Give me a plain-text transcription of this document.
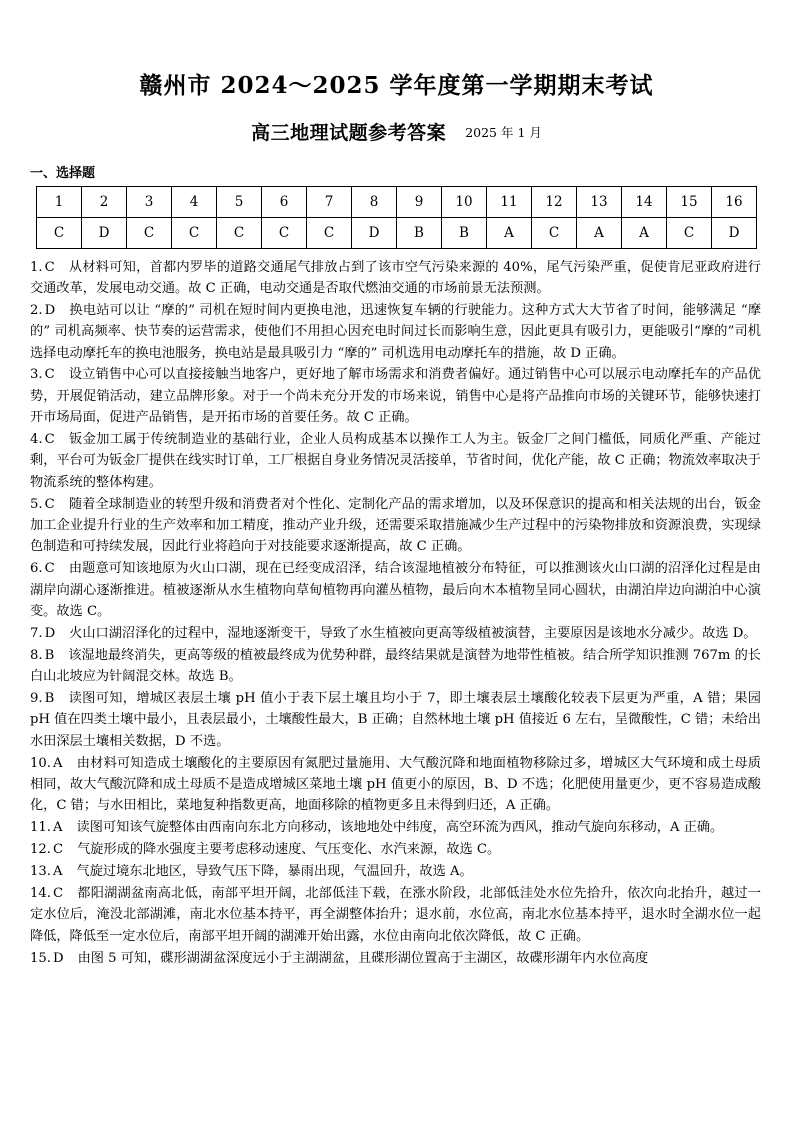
赣州市 2024～2025 学年度第一学期期末考试
高三地理试题参考答案 2025 年 1 月
一、选择题
1	2	3	4	5	6	7	8	9	10	11	12	13	14	15	16
C	D	C	C	C	C	C	D	B	B	A	C	A	A	C	D

1. C 从材料可知，首都内罗毕的道路交通尾气排放占到了该市空气污染来源的 40%，尾气污染严重，促使肯尼亚政府进行交通改革，发展电动交通。故 C 正确，电动交通是否取代燃油交通的市场前景无法预测。

2. D 换电站可以让 “摩的” 司机在短时间内更换电池，迅速恢复车辆的行驶能力。这种方式大大节省了时间，能够满足 “摩的” 司机高频率、快节奏的运营需求，使他们不用担心因充电时间过长而影响生意，因此更具有吸引力，更能吸引“摩的”司机选择电动摩托车的换电池服务，换电站是最具吸引力 “摩的” 司机选用电动摩托车的措施，故 D 正确。

3. C 设立销售中心可以直接接触当地客户，更好地了解市场需求和消费者偏好。通过销售中心可以展示电动摩托车的产品优势，开展促销活动，建立品牌形象。对于一个尚未充分开发的市场来说，销售中心是将产品推向市场的关键环节，能够快速打开市场局面，促进产品销售，是开拓市场的首要任务。故 C 正确。

4. C 钣金加工属于传统制造业的基础行业，企业人员构成基本以操作工人为主。钣金厂之间门槛低，同质化严重、产能过剩，平台可为钣金厂提供在线实时订单，工厂根据自身业务情况灵活接单，节省时间，优化产能，故 C 正确；物流效率取决于物流系统的整体构建。

5. C 随着全球制造业的转型升级和消费者对个性化、定制化产品的需求增加，以及环保意识的提高和相关法规的出台，钣金加工企业提升行业的生产效率和加工精度，推动产业升级，还需要采取措施减少生产过程中的污染物排放和资源浪费，实现绿色制造和可持续发展，因此行业将趋向于对技能要求逐渐提高，故 C 正确。

6. C 由题意可知该地原为火山口湖，现在已经变成沼泽，结合该湿地植被分布特征，可以推测该火山口湖的沼泽化过程是由湖岸向湖心逐渐推进。植被逐渐从水生植物向草甸植物再向灌丛植物，最后向木本植物呈同心圆状，由湖泊岸边向湖泊中心演变。故选 C。

7. D 火山口湖沼泽化的过程中，湿地逐渐变干，导致了水生植被向更高等级植被演替，主要原因是该地水分减少。故选 D。

8. B 该湿地最终消失，更高等级的植被最终成为优势种群，最终结果就是演替为地带性植被。结合所学知识推测 767m 的长白山北坡应为针阔混交林。故选 B。

9. B 读图可知，增城区表层土壤 pH 值小于表下层土壤且均小于 7，即土壤表层土壤酸化较表下层更为严重，A 错；果园 pH 值在四类土壤中最小，且表层最小，土壤酸性最大，B 正确；自然林地土壤 pH 值接近 6 左右，呈微酸性，C 错；未给出水田深层土壤相关数据，D 不选。

10. A 由材料可知造成土壤酸化的主要原因有氮肥过量施用、大气酸沉降和地面植物移除过多，增城区大气环境和成土母质相同，故大气酸沉降和成土母质不是造成增城区菜地土壤 pH 值更小的原因，B、D 不选；化肥使用量更少，更不容易造成酸化，C 错；与水田相比，菜地复种指数更高，地面移除的植物更多且未得到归还，A 正确。

11. A 读图可知该气旋整体由西南向东北方向移动，该地地处中纬度，高空环流为西风，推动气旋向东移动，A 正确。

12. C 气旋形成的降水强度主要考虑移动速度、气压变化、水汽来源，故选 C。

13. A 气旋过境东北地区，导致气压下降，暴雨出现，气温回升，故选 A。

14. C 都阳湖湖盆南高北低，南部平坦开阔，北部低洼下载，在涨水阶段，北部低洼处水位先拾升，依次向北抬升，越过一定水位后，淹没北部湖滩，南北水位基本持平，再全湖整体抬升；退水前，水位高，南北水位基本持平，退水时全湖水位一起降低，降低至一定水位后，南部平坦开阔的湖滩开始出露，水位由南向北依次降低，故 C 正确。

15. D 由图 5 可知，碟形湖湖盆深度远小于主湖湖盆，且碟形湖位置高于主湖区，故碟形湖年内水位高度
